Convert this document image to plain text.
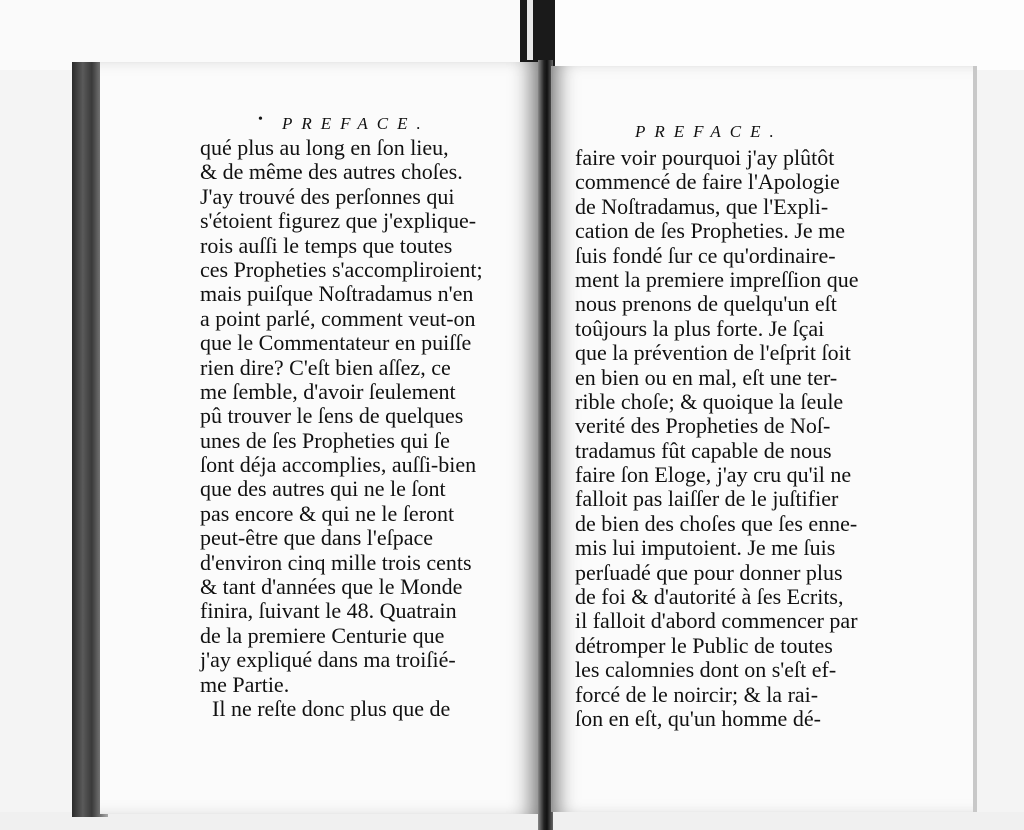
• PREFACE.
qué plus au long en ſon lieu,
& de même des autres choſes.
J'ay trouvé des perſonnes qui
s'étoient figurez que j'explique-
rois auſſi le temps que toutes
ces Propheties s'accompliroient;
mais puiſque Noſtradamus n'en
a point parlé, comment veut-on
que le Commentateur en puiſſe
rien dire? C'eſt bien aſſez, ce
me ſemble, d'avoir ſeulement
pû trouver le ſens de quelques
unes de ſes Propheties qui ſe
ſont déja accomplies, auſſi-bien
que des autres qui ne le ſont
pas encore & qui ne le ſeront
peut-être que dans l'eſpace
d'environ cinq mille trois cents
& tant d'années que le Monde
finira, ſuivant le 48. Quatrain
de la premiere Centurie que
j'ay expliqué dans ma troiſié-
me Partie.
Il ne reſte donc plus que de
PREFACE.
faire voir pourquoi j'ay plûtôt
commencé de faire l'Apologie
de Noſtradamus, que l'Expli-
cation de ſes Propheties. Je me
ſuis fondé ſur ce qu'ordinaire-
ment la premiere impreſſion que
nous prenons de quelqu'un eſt
toûjours la plus forte. Je ſçai
que la prévention de l'eſprit ſoit
en bien ou en mal, eſt une ter-
rible choſe; & quoique la ſeule
verité des Propheties de Noſ-
tradamus fût capable de nous
faire ſon Eloge, j'ay cru qu'il ne
falloit pas laiſſer de le juſtifier
de bien des choſes que ſes enne-
mis lui imputoient. Je me ſuis
perſuadé que pour donner plus
de foi & d'autorité à ſes Ecrits,
il falloit d'abord commencer par
détromper le Public de toutes
les calomnies dont on s'eſt ef-
forcé de le noircir; & la rai-
ſon en eſt, qu'un homme dé-
